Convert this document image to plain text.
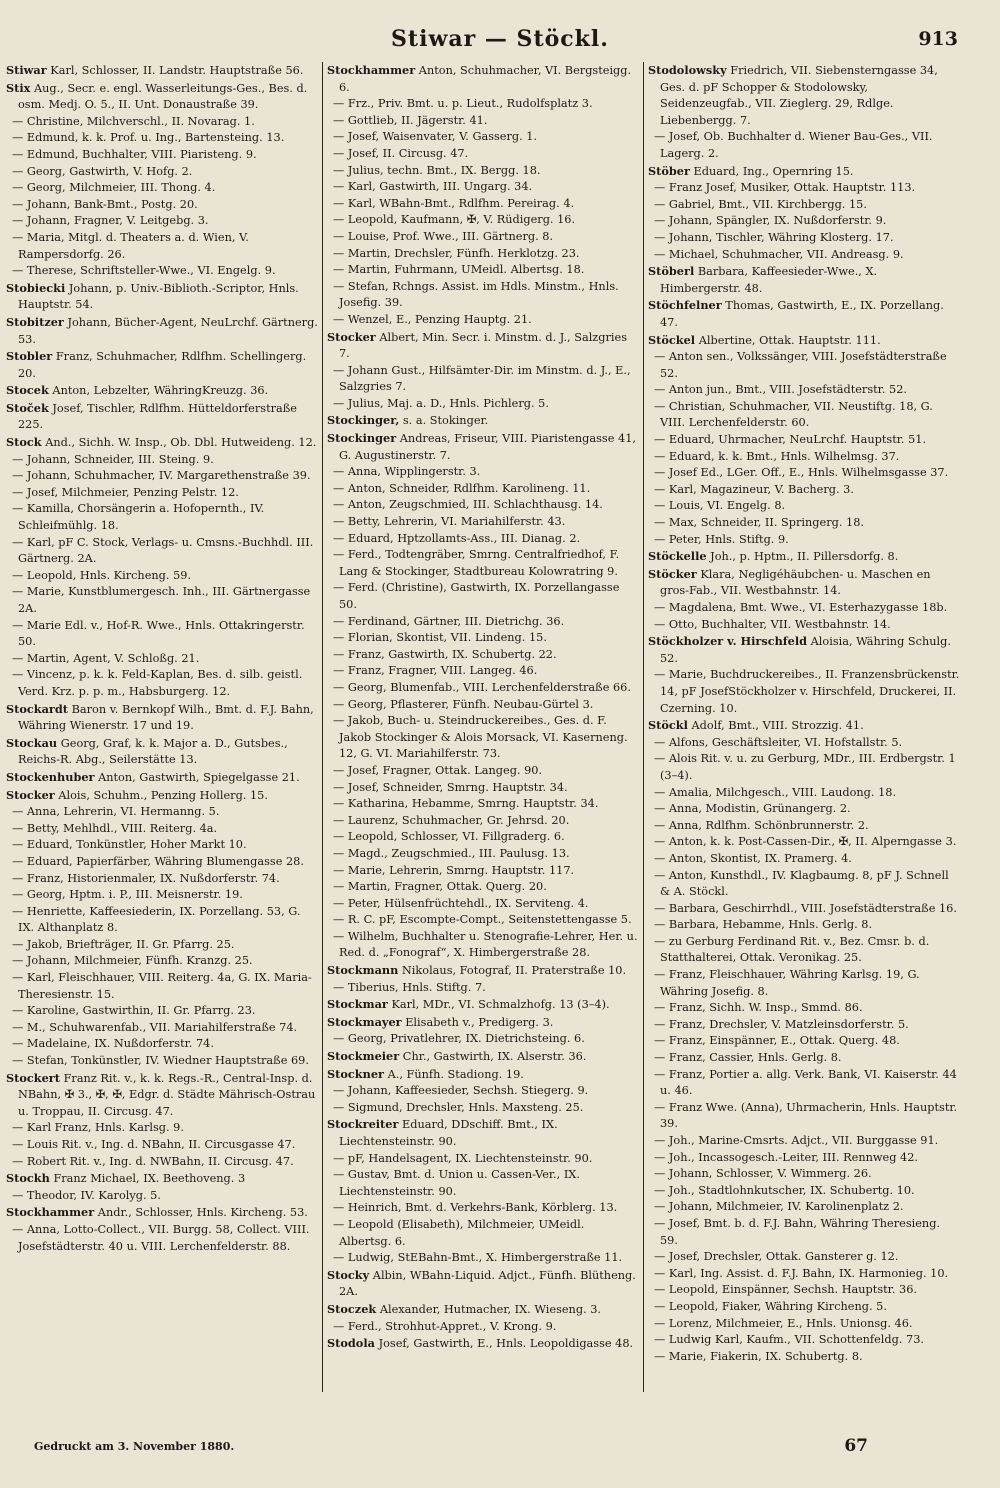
Stiwar — Stöckl.	913
Stiwar Karl, Schlosser, II. Landstr. Hauptstraße 56.
Stix Aug., Secr. e. engl. Wasserleitungs-Ges., Bes. d. osm. Medj. O. 5., II. Unt. Donaustraße 39.
— Christine, Milchverschl., II. Novarag. 1.
— Edmund, k. k. Prof. u. Ing., Bartensteing. 13.
— Edmund, Buchhalter, VIII. Piaristeng. 9.
— Georg, Gastwirth, V. Hofg. 2.
— Georg, Milchmeier, III. Thong. 4.
— Johann, Bank-Bmt., Postg. 20.
— Johann, Fragner, V. Leitgebg. 3.
— Maria, Mitgl. d. Theaters a. d. Wien, V. Rampersdorfg. 26.
— Therese, Schriftsteller-Wwe., VI. Engelg. 9.
Stobiecki Johann, p. Univ.-Biblioth.-Scriptor, Hnls. Hauptstr. 54.
Stobitzer Johann, Bücher-Agent, NeuLrchf. Gärtnerg. 53.
Stobler Franz, Schuhmacher, Rdlfhm. Schellingerg. 20.
Stocek Anton, Lebzelter, WähringKreuzg. 36.
Stoček Josef, Tischler, Rdlfhm. Hütteldorferstraße 225.
Stock And., Sichh. W. Insp., Ob. Dbl. Hutweideng. 12.
— Johann, Schneider, III. Steing. 9.
— Johann, Schuhmacher, IV. Margarethenstraße 39.
— Josef, Milchmeier, Penzing Pelstr. 12.
— Kamilla, Chorsängerin a. Hofopernth., IV. Schleifmühlg. 18.
— Karl, pF C. Stock, Verlags- u. Cmsns.-Buchhdl. III. Gärtnerg. 2A.
— Leopold, Hnls. Kircheng. 59.
— Marie, Kunstblumergesch. Inh., III. Gärtnergasse 2A.
— Marie Edl. v., Hof-R. Wwe., Hnls. Ottakringerstr. 50.
— Martin, Agent, V. Schloßg. 21.
— Vincenz, p. k. k. Feld-Kaplan, Bes. d. silb. geistl. Verd. Krz. p. p. m., Habsburgerg. 12.
Stockardt Baron v. Bernkopf Wilh., Bmt. d. F.J. Bahn, Währing Wienerstr. 17 und 19.
Stockau Georg, Graf, k. k. Major a. D., Gutsbes., Reichs-R. Abg., Seilerstätte 13.
Stockenhuber Anton, Gastwirth, Spiegelgasse 21.
Stocker Alois, Schuhm., Penzing Hollerg. 15.
— Anna, Lehrerin, VI. Hermanng. 5.
— Betty, Mehlhdl., VIII. Reiterg. 4a.
— Eduard, Tonkünstler, Hoher Markt 10.
— Eduard, Papierfärber, Währing Blumengasse 28.
— Franz, Historienmaler, IX. Nußdorferstr. 74.
— Georg, Hptm. i. P., III. Meisnerstr. 19.
— Henriette, Kaffeesiederin, IX. Porzellang. 53, G. IX. Althanplatz 8.
— Jakob, Briefträger, II. Gr. Pfarrg. 25.
— Johann, Milchmeier, Fünfh. Kranzg. 25.
— Karl, Fleischhauer, VIII. Reiterg. 4a, G. IX. Maria-Theresienstr. 15.
— Karoline, Gastwirthin, II. Gr. Pfarrg. 23.
— M., Schuhwarenfab., VII. Mariahilferstraße 74.
— Madelaine, IX. Nußdorferstr. 74.
— Stefan, Tonkünstler, IV. Wiedner Hauptstraße 69.
Stockert Franz Rit. v., k. k. Regs.-R., Central-Insp. d. NBahn, ✠ 3., ✠, ✠, Edgr. d. Städte Mährisch-Ostrau u. Troppau, II. Circusg. 47.
— Karl Franz, Hnls. Karlsg. 9.
— Louis Rit. v., Ing. d. NBahn, II. Circusgasse 47.
— Robert Rit. v., Ing. d. NWBahn, II. Circusg. 47.
Stockh Franz Michael, IX. Beethoveng. 3
— Theodor, IV. Karolyg. 5.
Stockhammer Andr., Schlosser, Hnls. Kircheng. 53.
— Anna, Lotto-Collect., VII. Burgg. 58, Collect. VIII. Josefstädterstr. 40 u. VIII. Lerchenfelderstr. 88.
Stockhammer Anton, Schuhmacher, VI. Bergsteigg. 6.
— Frz., Priv. Bmt. u. p. Lieut., Rudolfsplatz 3.
— Gottlieb, II. Jägerstr. 41.
— Josef, Waisenvater, V. Gasserg. 1.
— Josef, II. Circusg. 47.
— Julius, techn. Bmt., IX. Bergg. 18.
— Karl, Gastwirth, III. Ungarg. 34.
— Karl, WBahn-Bmt., Rdlfhm. Pereirag. 4.
— Leopold, Kaufmann, ✠, V. Rüdigerg. 16.
— Louise, Prof. Wwe., III. Gärtnerg. 8.
— Martin, Drechsler, Fünfh. Herklotzg. 23.
— Martin, Fuhrmann, UMeidl. Albertsg. 18.
— Stefan, Rchngs. Assist. im Hdls. Minstm., Hnls. Josefig. 39.
— Wenzel, E., Penzing Hauptg. 21.
Stocker Albert, Min. Secr. i. Minstm. d. J., Salzgries 7.
— Johann Gust., Hilfsämter-Dir. im Minstm. d. J., E., Salzgries 7.
— Julius, Maj. a. D., Hnls. Pichlerg. 5.
Stockinger, s. a. Stokinger.
Stockinger Andreas, Friseur, VIII. Piaristengasse 41, G. Augustinerstr. 7.
— Anna, Wipplingerstr. 3.
— Anton, Schneider, Rdlfhm. Karolineng. 11.
— Anton, Zeugschmied, III. Schlachthausg. 14.
— Betty, Lehrerin, VI. Mariahilferstr. 43.
— Eduard, Hptzollamts-Ass., III. Dianag. 2.
— Ferd., Todtengräber, Smrng. Centralfriedhof, F. Lang & Stockinger, Stadtbureau Kolowratring 9.
— Ferd. (Christine), Gastwirth, IX. Porzellangasse 50.
— Ferdinand, Gärtner, III. Dietrichg. 36.
— Florian, Skontist, VII. Lindeng. 15.
— Franz, Gastwirth, IX. Schubertg. 22.
— Franz, Fragner, VIII. Langeg. 46.
— Georg, Blumenfab., VIII. Lerchenfelderstraße 66.
— Georg, Pflasterer, Fünfh. Neubau-Gürtel 3.
— Jakob, Buch- u. Steindruckereibes., Ges. d. F. Jakob Stockinger & Alois Morsack, VI. Kaserneng. 12, G. VI. Mariahilferstr. 73.
— Josef, Fragner, Ottak. Langeg. 90.
— Josef, Schneider, Smrng. Hauptstr. 34.
— Katharina, Hebamme, Smrng. Hauptstr. 34.
— Laurenz, Schuhmacher, Gr. Jehrsd. 20.
— Leopold, Schlosser, VI. Fillgraderg. 6.
— Magd., Zeugschmied., III. Paulusg. 13.
— Marie, Lehrerin, Smrng. Hauptstr. 117.
— Martin, Fragner, Ottak. Querg. 20.
— Peter, Hülsenfrüchtehdl., IX. Serviteng. 4.
— R. C. pF, Escompte-Compt., Seitenstettengasse 5.
— Wilhelm, Buchhalter u. Stenografie-Lehrer, Her. u. Red. d. „Fonograf“, X. Himbergerstraße 28.
Stockmann Nikolaus, Fotograf, II. Praterstraße 10.
— Tiberius, Hnls. Stiftg. 7.
Stockmar Karl, MDr., VI. Schmalzhofg. 13 (3–4).
Stockmayer Elisabeth v., Predigerg. 3.
— Georg, Privatlehrer, IX. Dietrichsteing. 6.
Stockmeier Chr., Gastwirth, IX. Alserstr. 36.
Stockner A., Fünfh. Stadiong. 19.
— Johann, Kaffeesieder, Sechsh. Stiegerg. 9.
— Sigmund, Drechsler, Hnls. Maxsteng. 25.
Stockreiter Eduard, DDschiff. Bmt., IX. Liechtensteinstr. 90.
— pF, Handelsagent, IX. Liechtensteinstr. 90.
— Gustav, Bmt. d. Union u. Cassen-Ver., IX. Liechtensteinstr. 90.
— Heinrich, Bmt. d. Verkehrs-Bank, Körblerg. 13.
— Leopold (Elisabeth), Milchmeier, UMeidl. Albertsg. 6.
— Ludwig, StEBahn-Bmt., X. Himbergerstraße 11.
Stocky Albin, WBahn-Liquid. Adjct., Fünfh. Blütheng. 2A.
Stoczek Alexander, Hutmacher, IX. Wieseng. 3.
— Ferd., Strohhut-Appret., V. Krong. 9.
Stodola Josef, Gastwirth, E., Hnls. Leopoldigasse 48.
Stodolowsky Friedrich, VII. Siebensterngasse 34, Ges. d. pF Schopper & Stodolowsky, Seidenzeugfab., VII. Zieglerg. 29, Rdlge. Liebenbergg. 7.
— Josef, Ob. Buchhalter d. Wiener Bau-Ges., VII. Lagerg. 2.
Stöber Eduard, Ing., Opernring 15.
— Franz Josef, Musiker, Ottak. Hauptstr. 113.
— Gabriel, Bmt., VII. Kirchbergg. 15.
— Johann, Spängler, IX. Nußdorferstr. 9.
— Johann, Tischler, Währing Klosterg. 17.
— Michael, Schuhmacher, VII. Andreasg. 9.
Stöberl Barbara, Kaffeesieder-Wwe., X. Himbergerstr. 48.
Stöchfelner Thomas, Gastwirth, E., IX. Porzellang. 47.
Stöckel Albertine, Ottak. Hauptstr. 111.
— Anton sen., Volkssänger, VIII. Josefstädterstraße 52.
— Anton jun., Bmt., VIII. Josefstädterstr. 52.
— Christian, Schuhmacher, VII. Neustiftg. 18, G. VIII. Lerchenfelderstr. 60.
— Eduard, Uhrmacher, NeuLrchf. Hauptstr. 51.
— Eduard, k. k. Bmt., Hnls. Wilhelmsg. 37.
— Josef Ed., LGer. Off., E., Hnls. Wilhelmsgasse 37.
— Karl, Magazineur, V. Bacherg. 3.
— Louis, VI. Engelg. 8.
— Max, Schneider, II. Springerg. 18.
— Peter, Hnls. Stiftg. 9.
Stöckelle Joh., p. Hptm., II. Pillersdorfg. 8.
Stöcker Klara, Negligéhäubchen- u. Maschen en gros-Fab., VII. Westbahnstr. 14.
— Magdalena, Bmt. Wwe., VI. Esterhazygasse 18b.
— Otto, Buchhalter, VII. Westbahnstr. 14.
Stöckholzer v. Hirschfeld Aloisia, Währing Schulg. 52.
— Marie, Buchdruckereibes., II. Franzensbrückenstr. 14, pF JosefStöckholzer v. Hirschfeld, Druckerei, II. Czerning. 10.
Stöckl Adolf, Bmt., VIII. Strozzig. 41.
— Alfons, Geschäftsleiter, VI. Hofstallstr. 5.
— Alois Rit. v. u. zu Gerburg, MDr., III. Erdbergstr. 1 (3–4).
— Amalia, Milchgesch., VIII. Laudong. 18.
— Anna, Modistin, Grünangerg. 2.
— Anna, Rdlfhm. Schönbrunnerstr. 2.
— Anton, k. k. Post-Cassen-Dir., ✠, II. Alperngasse 3.
— Anton, Skontist, IX. Pramerg. 4.
— Anton, Kunsthdl., IV. Klagbaumg. 8, pF J. Schnell & A. Stöckl.
— Barbara, Geschirrhdl., VIII. Josefstädterstraße 16.
— Barbara, Hebamme, Hnls. Gerlg. 8.
— zu Gerburg Ferdinand Rit. v., Bez. Cmsr. b. d. Statthalterei, Ottak. Veronikag. 25.
— Franz, Fleischhauer, Währing Karlsg. 19, G. Währing Josefig. 8.
— Franz, Sichh. W. Insp., Smmd. 86.
— Franz, Drechsler, V. Matzleinsdorferstr. 5.
— Franz, Einspänner, E., Ottak. Querg. 48.
— Franz, Cassier, Hnls. Gerlg. 8.
— Franz, Portier a. allg. Verk. Bank, VI. Kaiserstr. 44 u. 46.
— Franz Wwe. (Anna), Uhrmacherin, Hnls. Hauptstr. 39.
— Joh., Marine-Cmsrts. Adjct., VII. Burggasse 91.
— Joh., Incassogesch.-Leiter, III. Rennweg 42.
— Johann, Schlosser, V. Wimmerg. 26.
— Joh., Stadtlohnkutscher, IX. Schubertg. 10.
— Johann, Milchmeier, IV. Karolinenplatz 2.
— Josef, Bmt. b. d. F.J. Bahn, Währing Theresieng. 59.
— Josef, Drechsler, Ottak. Gansterer g. 12.
— Karl, Ing. Assist. d. F.J. Bahn, IX. Harmonieg. 10.
— Leopold, Einspänner, Sechsh. Hauptstr. 36.
— Leopold, Fiaker, Währing Kircheng. 5.
— Lorenz, Milchmeier, E., Hnls. Unionsg. 46.
— Ludwig Karl, Kaufm., VII. Schottenfeldg. 73.
— Marie, Fiakerin, IX. Schubertg. 8.
Gedruckt am 3. November 1880.	67
